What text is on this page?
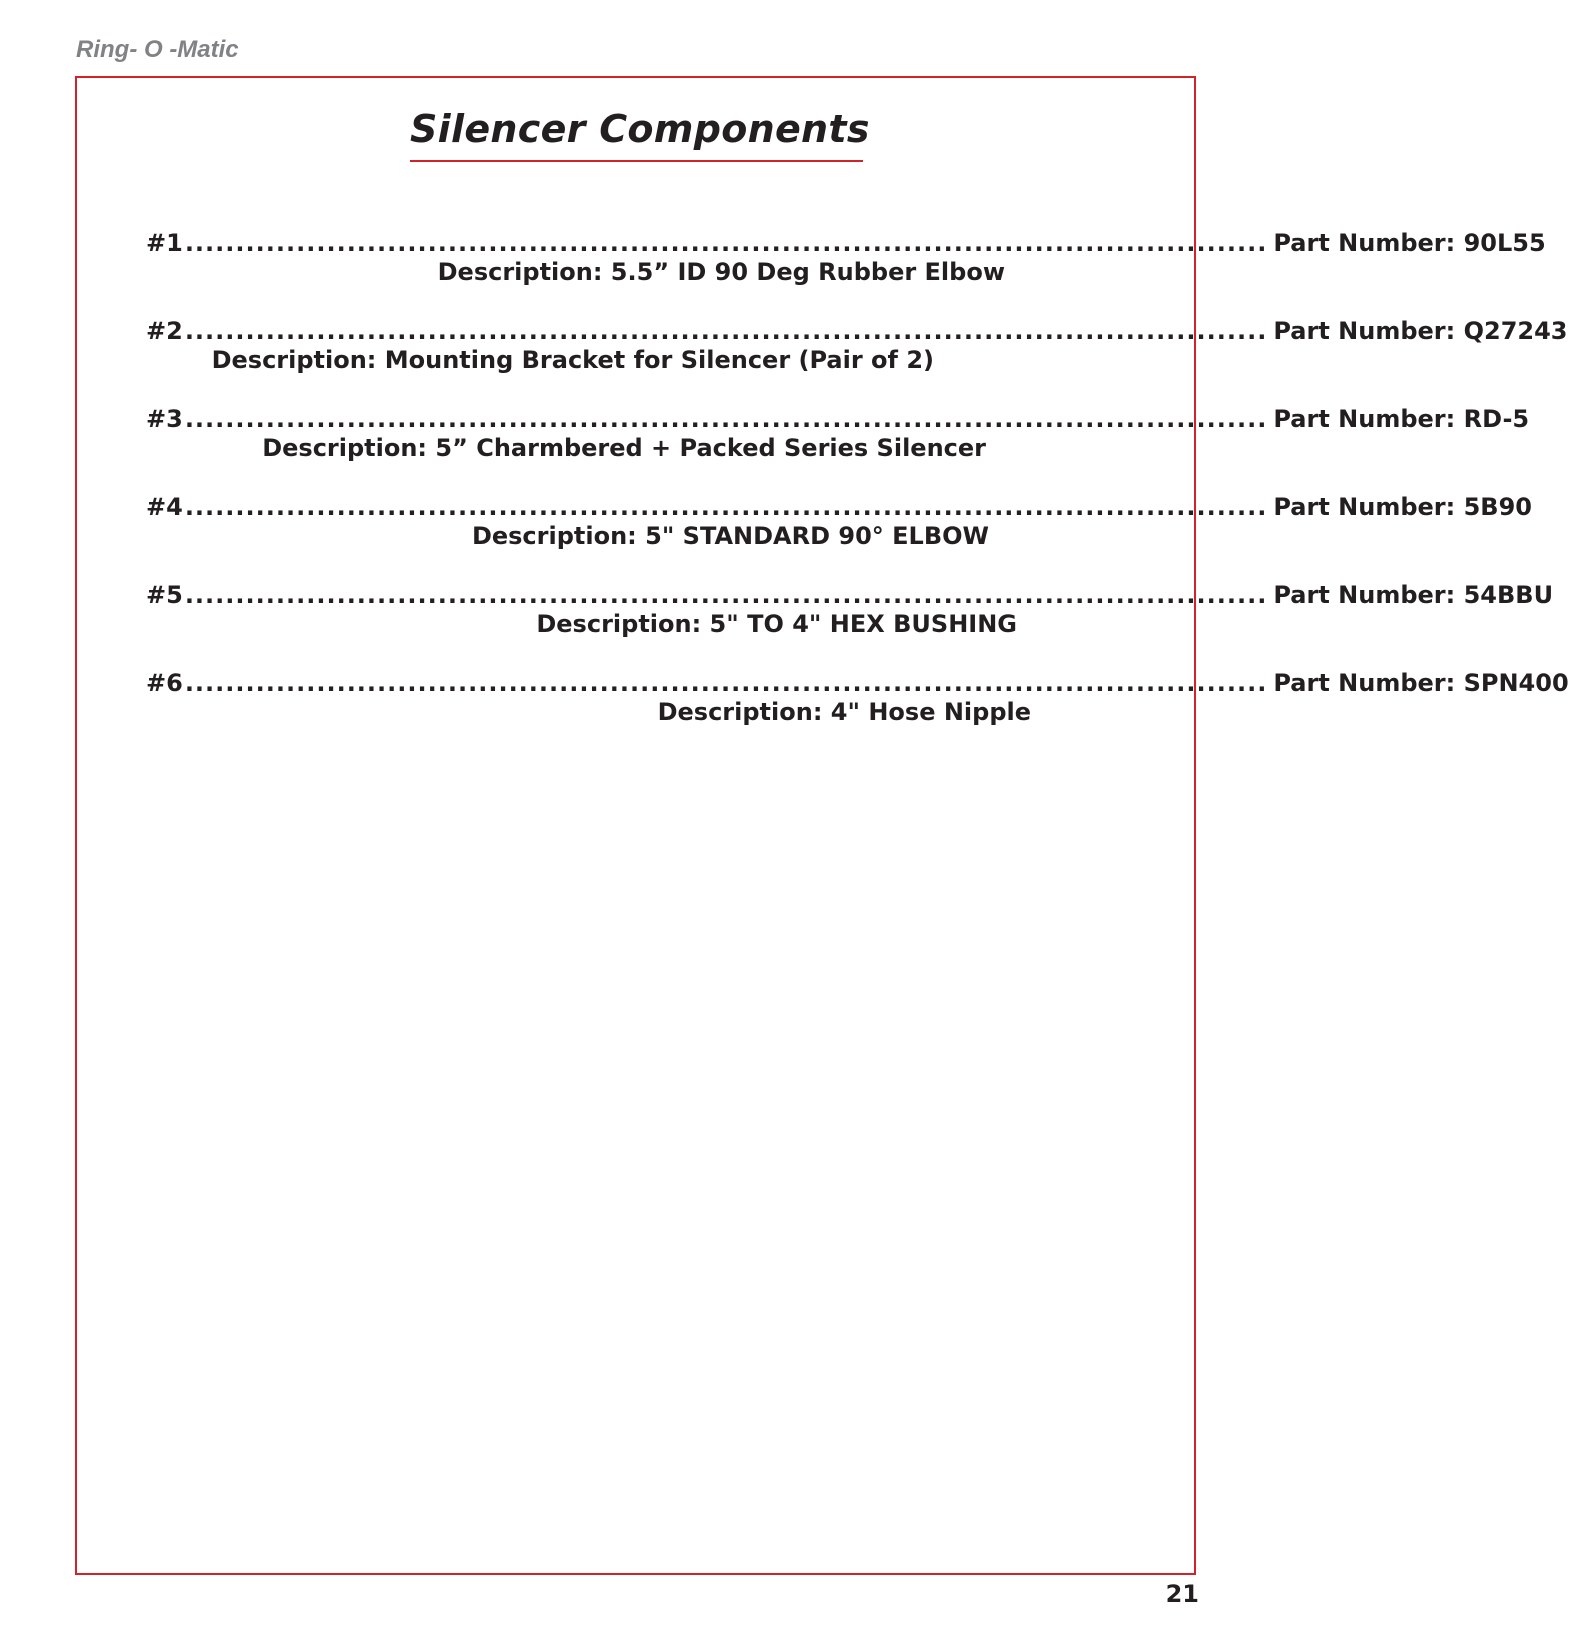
Ring- O -Matic
Silencer Components
#1 ........................................................................................................... Part Number: 90L55
Description: 5.5” ID 90 Deg Rubber Elbow
#2 ........................................................................................................... Part Number: Q27243
Description: Mounting Bracket for Silencer (Pair of 2)
#3 ........................................................................................................... Part Number: RD-5
Description: 5” Charmbered + Packed Series Silencer
#4 ........................................................................................................... Part Number: 5B90
Description: 5" STANDARD 90° ELBOW
#5 ........................................................................................................... Part Number: 54BBU
Description: 5" TO 4" HEX BUSHING
#6 ........................................................................................................... Part Number: SPN400
Description: 4" Hose Nipple
21
